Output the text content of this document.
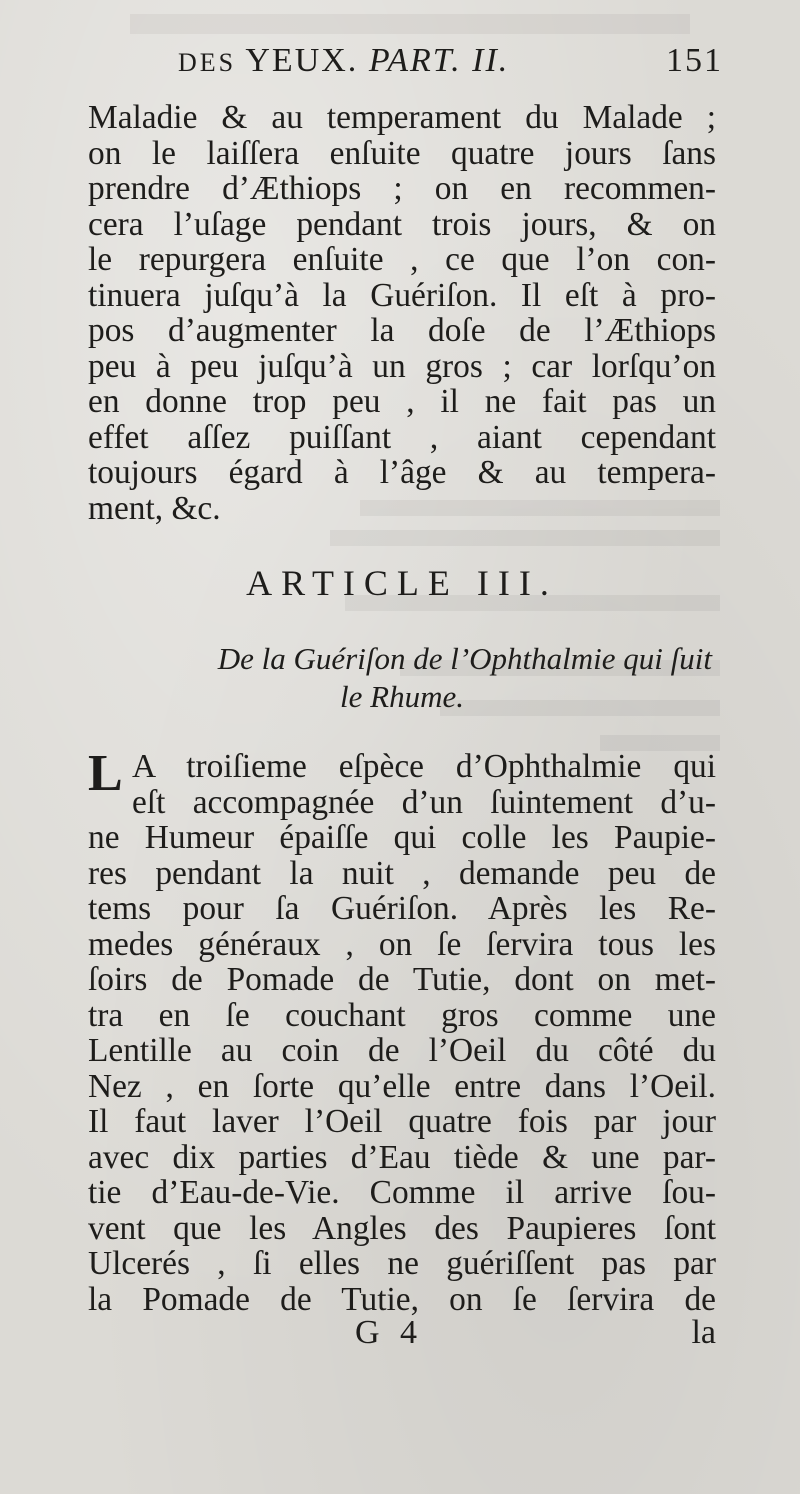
DES YEUX. PART. II.	151
Maladie & au temperament du Malade ;
on le laiſſera enſuite quatre jours ſans
prendre d’Æthiops ; on en recommen-
cera l’uſage pendant trois jours, & on
le repurgera enſuite , ce que l’on con-
tinuera juſqu’à la Guériſon. Il eſt à pro-
pos d’augmenter la doſe de l’Æthiops
peu à peu juſqu’à un gros ; car lorſqu’on
en donne trop peu , il ne fait pas un
effet aſſez puiſſant , aiant cependant
toujours égard à l’âge & au tempera-
ment, &c.
ARTICLE III.
De la Guériſon de l’Ophthalmie qui ſuit
le Rhume.
L A troiſieme eſpèce d’Ophthalmie qui
eſt accompagnée d’un ſuintement d’u-
ne Humeur épaiſſe qui colle les Paupie-
res pendant la nuit , demande peu de
tems pour ſa Guériſon. Après les Re-
medes généraux , on ſe ſervira tous les
ſoirs de Pomade de Tutie, dont on met-
tra en ſe couchant gros comme une
Lentille au coin de l’Oeil du côté du
Nez , en ſorte qu’elle entre dans l’Oeil.
Il faut laver l’Oeil quatre fois par jour
avec dix parties d’Eau tiède & une par-
tie d’Eau-de-Vie. Comme il arrive ſou-
vent que les Angles des Paupieres ſont
Ulcerés , ſi elles ne guériſſent pas par
la Pomade de Tutie, on ſe ſervira de
G 4	la
